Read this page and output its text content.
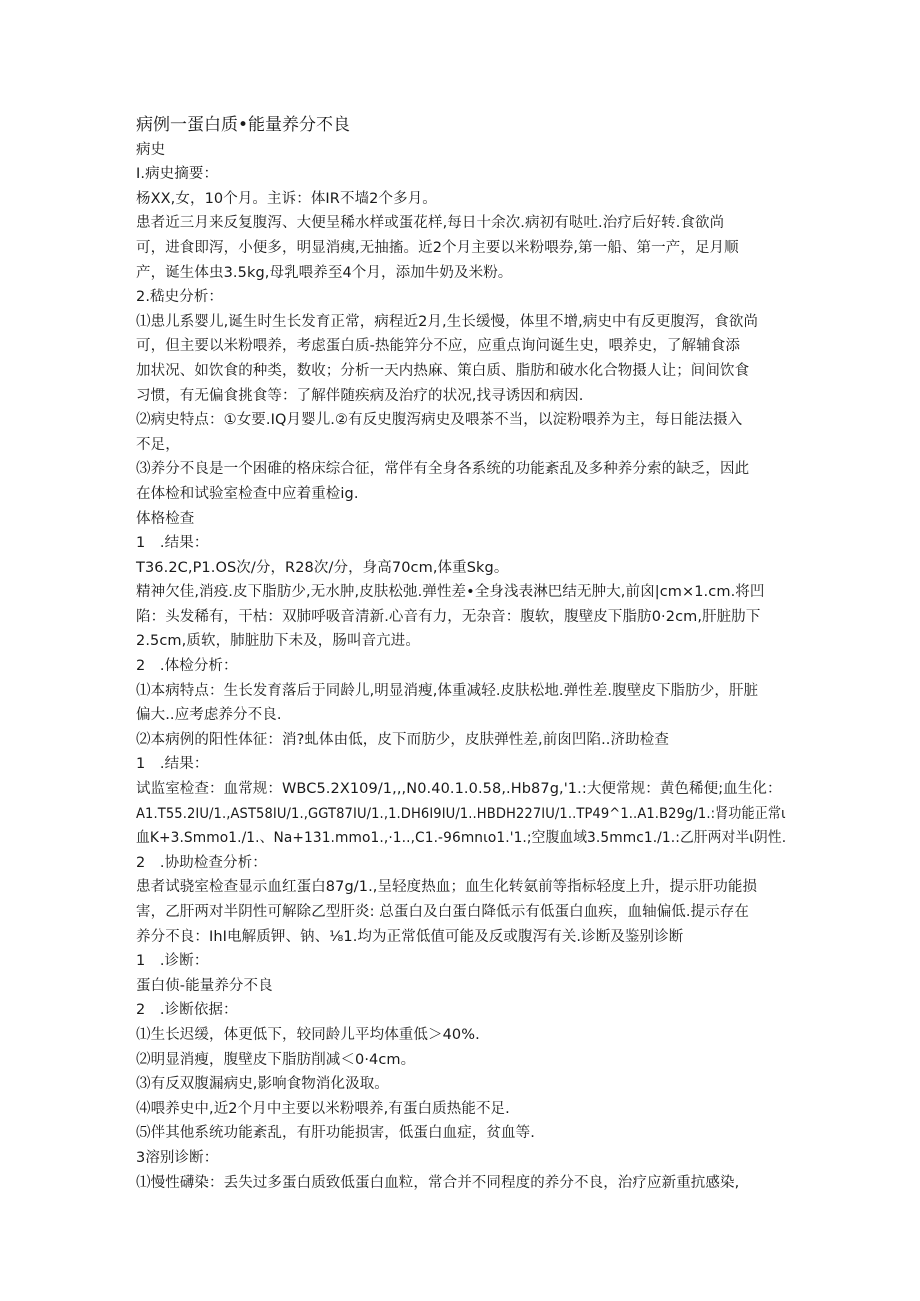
病例一蛋白质•能量养分不良
病史
I.病史摘要：
杨XX,女，10个月。主诉：体IR不墙2个多月。
患者近三月来反复腹泻、大便呈稀水样或蛋花样,每日十余次.病初有哒吐.治疗后好转.食欲尚
可，进食即泻，小便多，明显消痍,无抽搐。近2个月主要以米粉喂券,第一船、第一产，足月顺
产，诞生体虫3.5kg,母乳喂养至4个月，添加牛奶及米粉。
2.嵇史分析：
⑴患儿系婴儿,诞生时生长发育正常，病程近2月,生长缓慢，体里不增,病史中有反更腹泻，食欲尚
可，但主要以米粉喂养，考虑蛋白质-热能笄分不应，应重点询问诞生史，喂养史，了解辅食添
加状况、如饮食的种类，数收；分析一天内热麻、策白质、脂肪和破水化合物摄人让；间间饮食
习惯，有无偏食挑食等：了解伴随疾病及治疗的状况,找寻诱因和病因.
⑵病史特点：①女要.IQ月婴儿.②有反史腹泻病史及喂茶不当，以淀粉喂养为主，每日能法摄入
不足，
⑶养分不良是一个困碓的格床综合征，常伴有全身各系统的功能紊乱及多种养分索的缺乏，因此
在体检和试验室检查中应着重检ig.
体格检查
1　.结果：
T36.2C,P1.OS次/分，R28次/分，身高70cm,体重Skg。
精神欠佳,消疫.皮下脂肪少,无水肿,皮肤松弛.弹性差•全身浅表淋巴结无肿大,前囟|cm×1.cm.将凹
陷：头发稀有，干枯：双肺呼吸音清新.心音有力，无杂音：腹软，腹壁皮下脂肪0·2cm,肝脏肋下
2.5cm,质软，肺脏肋下未及，肠叫音亢进。
2　.体检分析：
⑴本病特点：生长发育落后于同龄儿,明显消瘦,体重减轻.皮肤松地.弹性差.腹壁皮下脂肪少，肝脏
偏大..应考虑养分不良.
⑵本病例的阳性体征：消?虬体由低，皮下而肪少，皮肤弹性差,前囱凹陷..济助检查
1　.结果：
试监室检查：血常规：WBC5.2X109/1,,,N0.40.1.0.58,.Hb87g,'1.:大便常规：黄色稀便;血生化：
A1.T55.2IU/1.,AST58IU/1.,GGT87IU/1.,1.DH6I9IU/1..HBDH227IU/1..TP49^1..A1.B29g/1.:肾功能正常ι
血K+3.Smmo1./1.、Na+131.mmo1.,·1..,C1.-96mnιo1.'1.;空腹血域3.5mmc1./1.:乙肝两对半ι阴性.
2　.协助检查分析：
患者试骁室检查显示血红蛋白87g/1.,呈轻度热血；血生化转氨前等指标轻度上升，提示肝功能损
害，乙肝两对半阴性可解除乙型肝炎: 总蛋白及白蛋白降低示有低蛋白血疾，血轴偏低.提示存在
养分不良：IhI电解质钾、钠、⅛1.均为正常低值可能及反或腹泻有关.诊断及鉴别诊断
1　.诊断：
蛋白侦-能量养分不良
2　.诊断依据：
⑴生长迟缓，体更低下，较同龄儿平均体重低＞40%.
⑵明显消瘦，腹壁皮下脂肪削减＜0·4cm。
⑶有反双腹漏病史,影响食物消化汲取。
⑷喂养史中,近2个月中主要以米粉喂养,有蛋白质热能不足.
⑸伴其他系统功能紊乱，有肝功能损害，低蛋白血症，贫血等.
3溶别诊断：
⑴慢性礴染：丢失过多蛋白质致低蛋白血粒，常合并不同程度的养分不良，治疗应新重抗感染,
